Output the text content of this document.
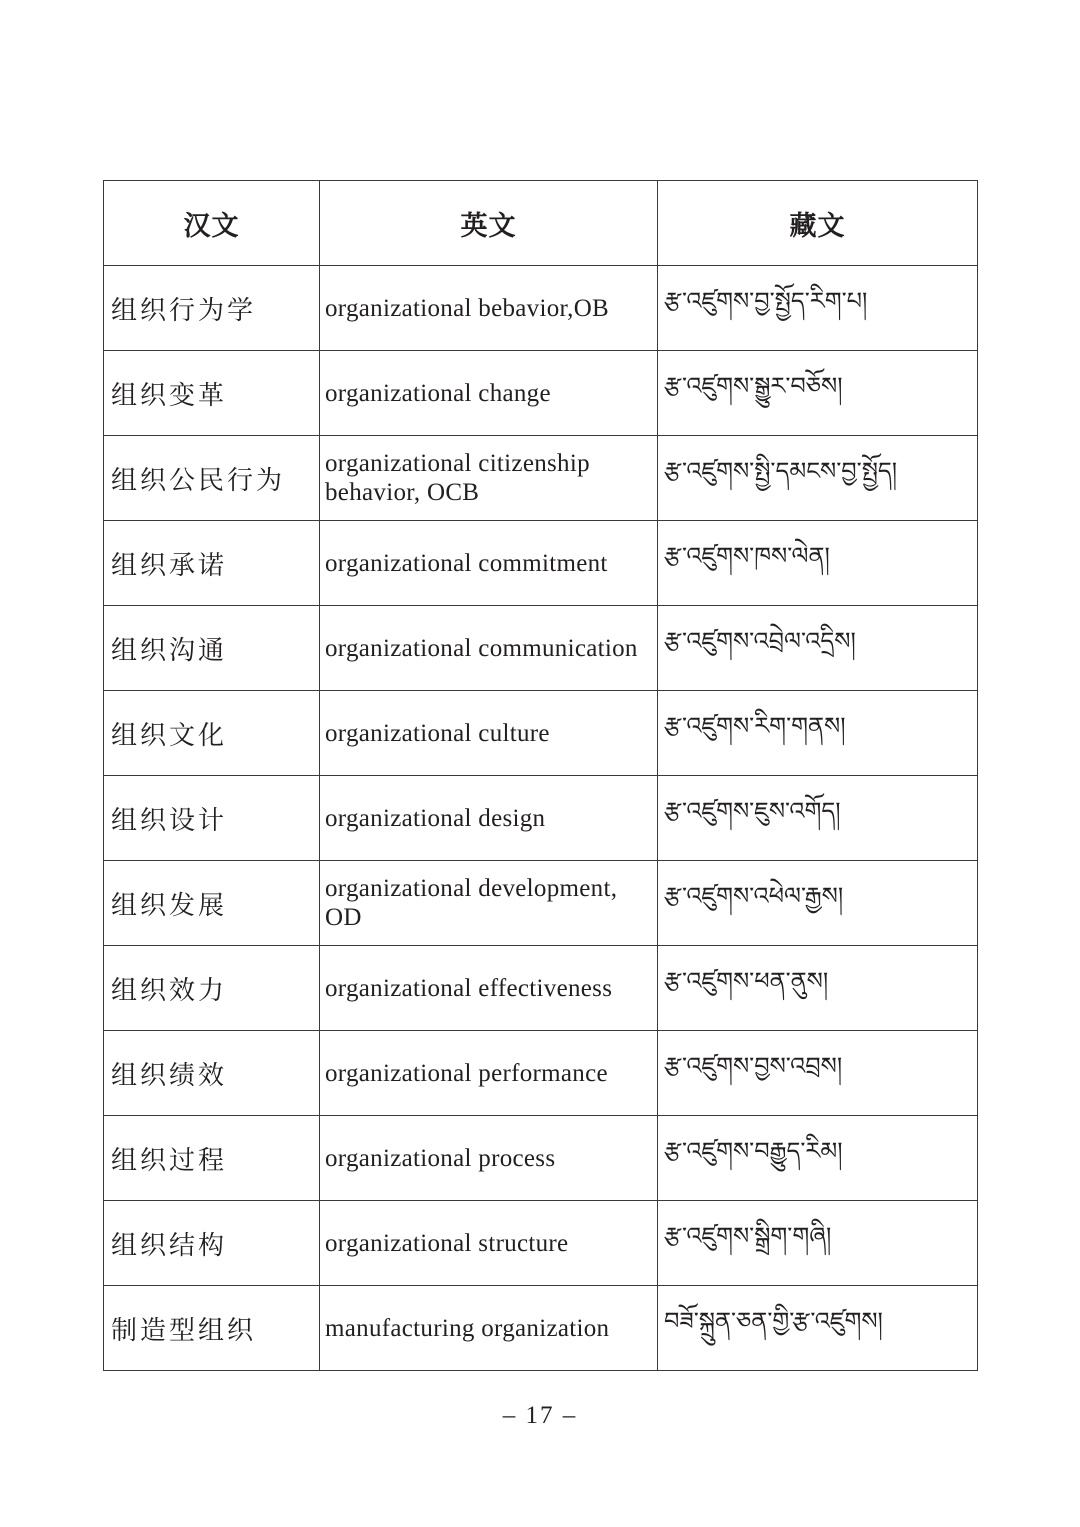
汉文	英文	藏文
组织行为学	organizational bebavior,OB	རྩ་འཛུགས་བྱ་སྤྱོད་རིག་པ།
组织变革	organizational change	རྩ་འཛུགས་སྒྱུར་བཅོས།
组织公民行为	organizational citizenship behavior, OCB	རྩ་འཛུགས་སྤྱི་དམངས་བྱ་སྤྱོད།
组织承诺	organizational commitment	རྩ་འཛུགས་ཁས་ལེན།
组织沟通	organizational communication	རྩ་འཛུགས་འབྲེལ་འདྲིས།
组织文化	organizational culture	རྩ་འཛུགས་རིག་གནས།
组织设计	organizational design	རྩ་འཛུགས་ཇུས་འགོད།
组织发展	organizational development, OD	རྩ་འཛུགས་འཕེལ་རྒྱས།
组织效力	organizational effectiveness	རྩ་འཛུགས་ཕན་ནུས།
组织绩效	organizational performance	རྩ་འཛུགས་བྱས་འབྲས།
组织过程	organizational process	རྩ་འཛུགས་བརྒྱུད་རིམ།
组织结构	organizational structure	རྩ་འཛུགས་སྒྲིག་གཞི།
制造型组织	manufacturing organization	བཟོ་སྐྲུན་ཅན་གྱི་རྩ་འཛུགས།
– 17 –
